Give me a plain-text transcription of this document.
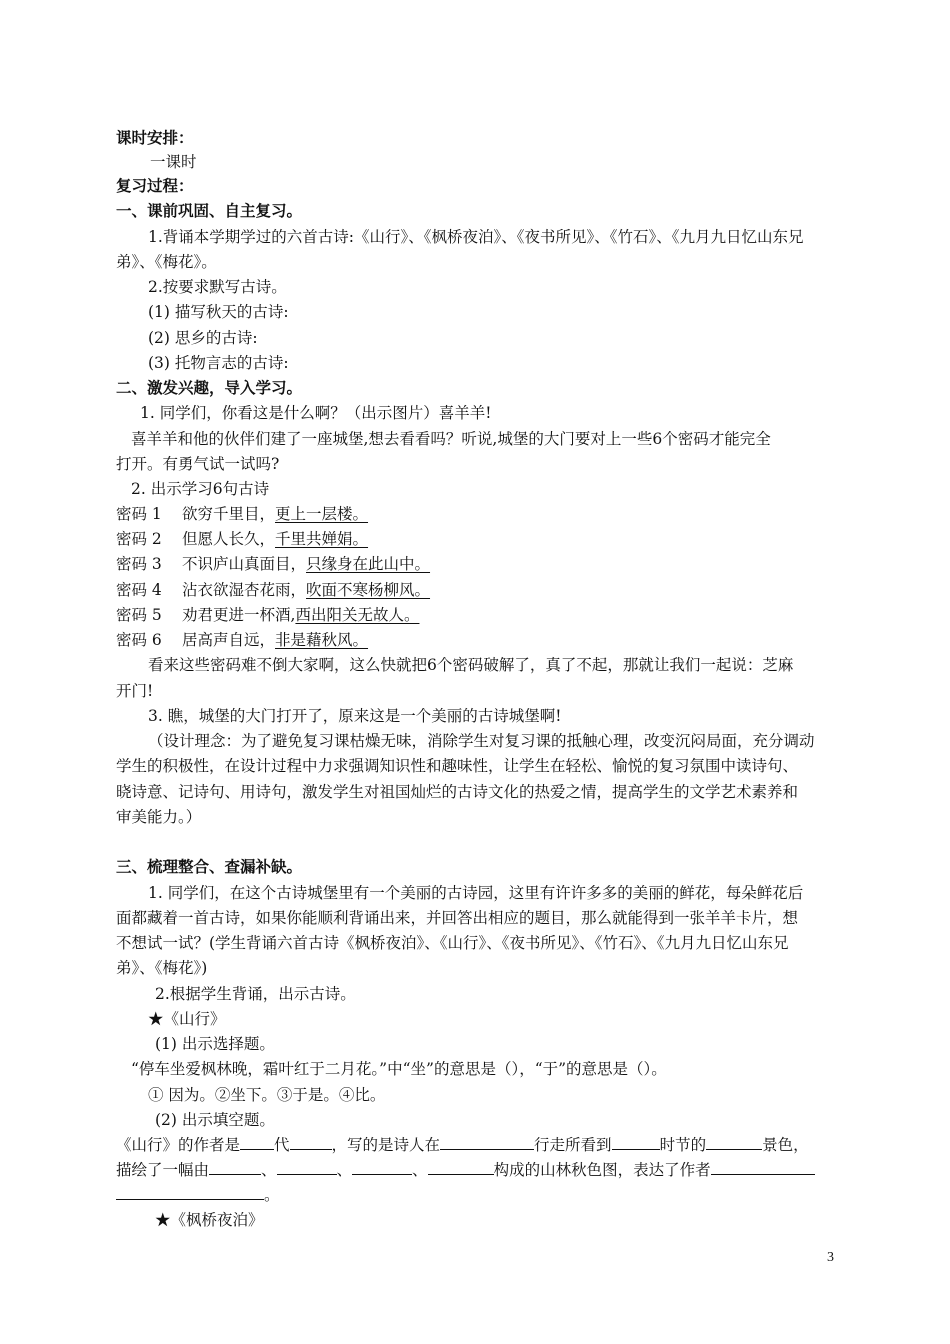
课时安排：
一课时
复习过程：
一、课前巩固、自主复习。
1.背诵本学期学过的六首古诗:《山行》、《枫桥夜泊》、《夜书所见》、《竹石》、《九月九日忆山东兄
弟》、《梅花》。
2.按要求默写古诗。
(1) 描写秋天的古诗:
(2) 思乡的古诗:
(3) 托物言志的古诗:
二、激发兴趣，导入学习。
1. 同学们，你看这是什么啊？（出示图片）喜羊羊!
喜羊羊和他的伙伴们建了一座城堡,想去看看吗？听说,城堡的大门要对上一些6个密码才能完全
打开。有勇气试一试吗?
2. 出示学习6句古诗
密码 1 欲穷千里目，更上一层楼。
密码 2 但愿人长久，千里共婵娟。
密码 3 不识庐山真面目，只缘身在此山中。
密码 4 沾衣欲湿杏花雨，吹面不寒杨柳风。
密码 5 劝君更进一杯酒,西出阳关无故人。
密码 6 居高声自远，非是藉秋风。
看来这些密码难不倒大家啊，这么快就把6个密码破解了，真了不起，那就让我们一起说：芝麻
开门!
3. 瞧，城堡的大门打开了，原来这是一个美丽的古诗城堡啊!
（设计理念：为了避免复习课枯燥无味，消除学生对复习课的抵触心理，改变沉闷局面，充分调动
学生的积极性，在设计过程中力求强调知识性和趣味性，让学生在轻松、愉悦的复习氛围中读诗句、
晓诗意、记诗句、用诗句，激发学生对祖国灿烂的古诗文化的热爱之情，提高学生的文学艺术素养和
审美能力。）
三、梳理整合、查漏补缺。
1. 同学们，在这个古诗城堡里有一个美丽的古诗园，这里有许许多多的美丽的鲜花，每朵鲜花后
面都藏着一首古诗，如果你能顺利背诵出来，并回答出相应的题目，那么就能得到一张羊羊卡片，想
不想试一试？(学生背诵六首古诗《枫桥夜泊》、《山行》、《夜书所见》、《竹石》、《九月九日忆山东兄
弟》、《梅花》)
2.根据学生背诵，出示古诗。
★《山行》
(1) 出示选择题。
“停车坐爱枫林晚，霜叶红于二月花。”中“坐”的意思是（），“于”的意思是（）。
① 因为。②坐下。③于是。④比。
(2) 出示填空题。
《山行》的作者是 代	，写的是诗人在	行走所看到	时节的	景色，
描绘了一幅由	、	、	、	构成的山林秋色图，表达了作者
。
★《枫桥夜泊》
3
